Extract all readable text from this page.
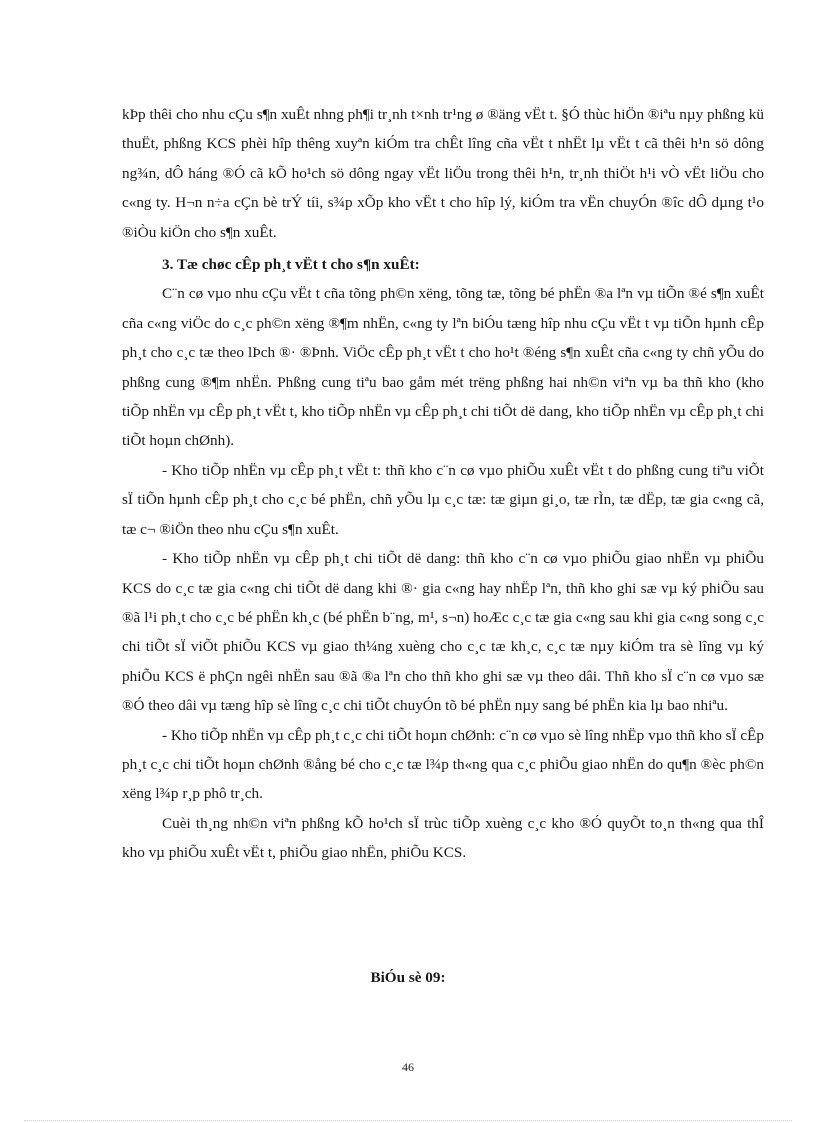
kÞp thêi cho nhu cÇu s¶n xuÊt nhng ph¶i tr¸nh t×nh tr¹ng ø ®äng vËt t. §Ó thùc hiÖn ®iªu nµy phßng kü thuËt, phßng KCS phèi hîp thêng xuyªn kiÓm tra chÊt lîng cña vËt t nhËt lµ vËt t cã thêi h¹n sö dông ng¾n, dÔ háng ®Ó cã kÕ ho¹ch sö dông ngay vËt liÖu trong thêi h¹n, tr¸nh thiÖt h¹i vÒ vËt liÖu cho c«ng ty. H¬n n÷a cÇn bè trÝ tíi, s¾p xÕp kho vËt t cho hîp lý, kiÓm tra vËn chuyÓn ®îc dÔ dµng t¹o ®iÒu kiÖn cho s¶n xuÊt.

3. Tæ chøc cÊp ph¸t vËt t cho s¶n xuÊt:

C¨n cø vµo nhu cÇu vËt t cña tõng ph©n xëng, tõng tæ, tõng bé phËn ®a lªn vµ tiÕn ®é s¶n xuÊt cña c«ng viÖc do c¸c ph©n xëng ®¶m nhËn, c«ng ty lªn biÓu tæng hîp nhu cÇu vËt t vµ tiÕn hµnh cÊp ph¸t cho c¸c tæ theo lÞch ®· ®Þnh. ViÖc cÊp ph¸t vËt t cho ho¹t ®éng s¶n xuÊt cña c«ng ty chñ yÕu do phßng cung ®¶m nhËn. Phßng cung tiªu bao gåm mét trëng phßng hai nh©n viªn vµ ba thñ kho (kho tiÕp nhËn vµ cÊp ph¸t vËt t, kho tiÕp nhËn vµ cÊp ph¸t chi tiÕt dë dang, kho tiÕp nhËn vµ cÊp ph¸t chi tiÕt hoµn chØnh).

- Kho tiÕp nhËn vµ cÊp ph¸t vËt t: thñ kho c¨n cø vµo phiÕu xuÊt vËt t do phßng cung tiªu viÕt sÏ tiÕn hµnh cÊp ph¸t cho c¸c bé phËn, chñ yÕu lµ c¸c tæ: tæ giµn gi¸o, tæ rÌn, tæ dËp, tæ gia c«ng cã, tæ c¬ ®iÖn theo nhu cÇu s¶n xuÊt.

- Kho tiÕp nhËn vµ cÊp ph¸t chi tiÕt dë dang: thñ kho c¨n cø vµo phiÕu giao nhËn vµ phiÕu KCS do c¸c tæ gia c«ng chi tiÕt dë dang khi ®· gia c«ng hay nhËp lªn, thñ kho ghi sæ vµ ký phiÕu sau ®ã l¹i ph¸t cho c¸c bé phËn kh¸c (bé phËn b¨ng, m¹, s¬n) hoÆc c¸c tæ gia c«ng sau khi gia c«ng song c¸c chi tiÕt sÏ viÕt phiÕu KCS vµ giao th¼ng xuèng cho c¸c tæ kh¸c, c¸c tæ nµy kiÓm tra sè lîng vµ ký phiÕu KCS ë phÇn ngêi nhËn sau ®ã ®a lªn cho thñ kho ghi sæ vµ theo dâi. Thñ kho sÏ c¨n cø vµo sæ ®Ó theo dâi vµ tæng hîp sè lîng c¸c chi tiÕt chuyÓn tõ bé phËn nµy sang bé phËn kia lµ bao nhiªu.

- Kho tiÕp nhËn vµ cÊp ph¸t c¸c chi tiÕt hoµn chØnh: c¨n cø vµo sè lîng nhËp vµo thñ kho sÏ cÊp ph¸t c¸c chi tiÕt hoµn chØnh ®ång bé cho c¸c tæ l¾p th«ng qua c¸c phiÕu giao nhËn do qu¶n ®èc ph©n xëng l¾p r¸p phô tr¸ch.

Cuèi th¸ng nh©n viªn phßng kÕ ho¹ch sÏ trùc tiÕp xuèng c¸c kho ®Ó quyÕt to¸n th«ng qua thÎ kho vµ phiÕu xuÊt vËt t, phiÕu giao nhËn, phiÕu KCS.

BiÓu sè 09:
46
